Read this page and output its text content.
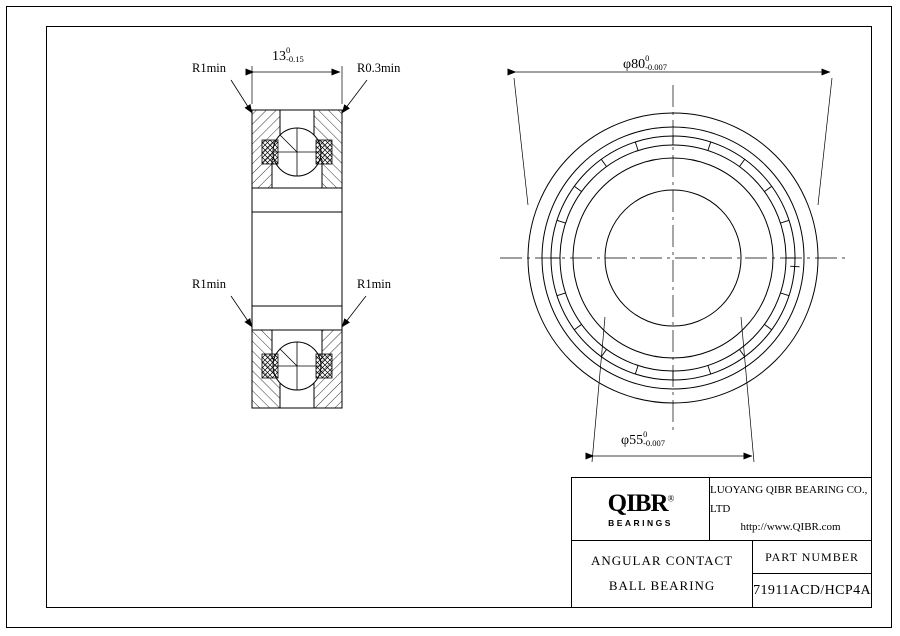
R1min	R0.3min
R1min	R1min
13 0
-0.15	φ80 0
-0.007
φ55 0
-0.007
QIBR®
BEARINGS
LUOYANG QIBR BEARING CO., LTD
http://www.QIBR.com
ANGULAR CONTACT
BALL BEARING
PART NUMBER
71911ACD/HCP4A
